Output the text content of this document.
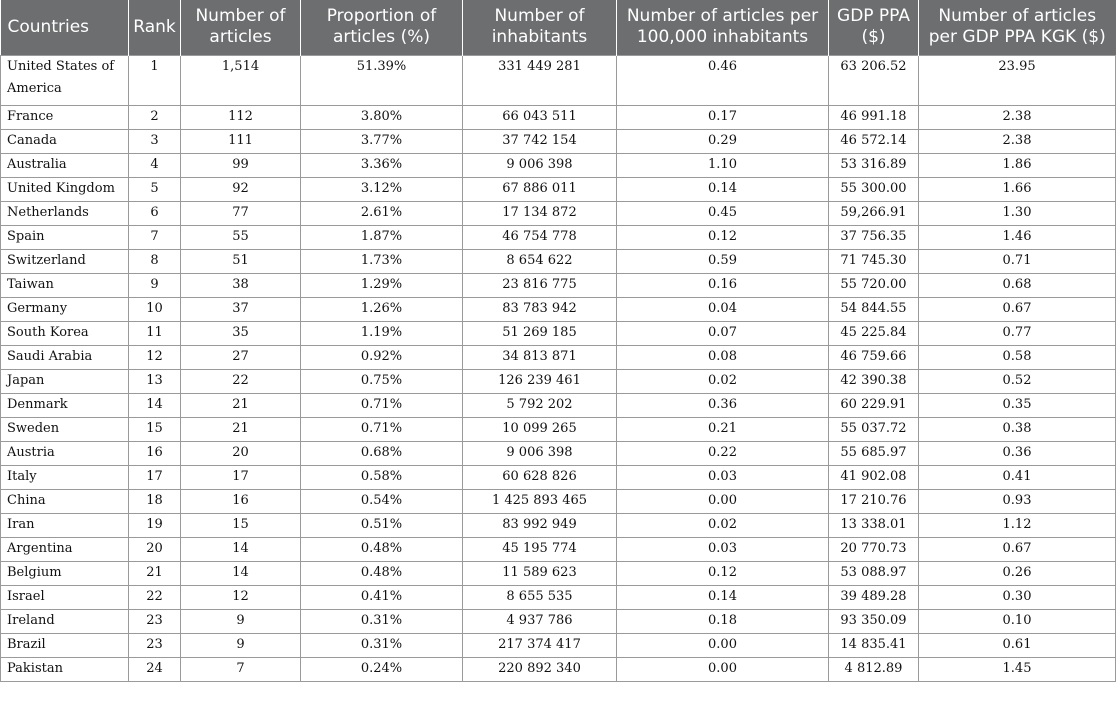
Countries	Rank	Number of articles	Proportion of articles (%)	Number of inhabitants	Number of articles per 100,000 inhabitants	GDP PPA ($)	Number of articles per GDP PPA KGK ($)
United States of America	1	1,514	51.39%	331 449 281	0.46	63 206.52	23.95
France	2	112	3.80%	66 043 511	0.17	46 991.18	2.38
Canada	3	111	3.77%	37 742 154	0.29	46 572.14	2.38
Australia	4	99	3.36%	9 006 398	1.10	53 316.89	1.86
United Kingdom	5	92	3.12%	67 886 011	0.14	55 300.00	1.66
Netherlands	6	77	2.61%	17 134 872	0.45	59,266.91	1.30
Spain	7	55	1.87%	46 754 778	0.12	37 756.35	1.46
Switzerland	8	51	1.73%	8 654 622	0.59	71 745.30	0.71
Taiwan	9	38	1.29%	23 816 775	0.16	55 720.00	0.68
Germany	10	37	1.26%	83 783 942	0.04	54 844.55	0.67
South Korea	11	35	1.19%	51 269 185	0.07	45 225.84	0.77
Saudi Arabia	12	27	0.92%	34 813 871	0.08	46 759.66	0.58
Japan	13	22	0.75%	126 239 461	0.02	42 390.38	0.52
Denmark	14	21	0.71%	5 792 202	0.36	60 229.91	0.35
Sweden	15	21	0.71%	10 099 265	0.21	55 037.72	0.38
Austria	16	20	0.68%	9 006 398	0.22	55 685.97	0.36
Italy	17	17	0.58%	60 628 826	0.03	41 902.08	0.41
China	18	16	0.54%	1 425 893 465	0.00	17 210.76	0.93
Iran	19	15	0.51%	83 992 949	0.02	13 338.01	1.12
Argentina	20	14	0.48%	45 195 774	0.03	20 770.73	0.67
Belgium	21	14	0.48%	11 589 623	0.12	53 088.97	0.26
Israel	22	12	0.41%	8 655 535	0.14	39 489.28	0.30
Ireland	23	9	0.31%	4 937 786	0.18	93 350.09	0.10
Brazil	23	9	0.31%	217 374 417	0.00	14 835.41	0.61
Pakistan	24	7	0.24%	220 892 340	0.00	4 812.89	1.45
